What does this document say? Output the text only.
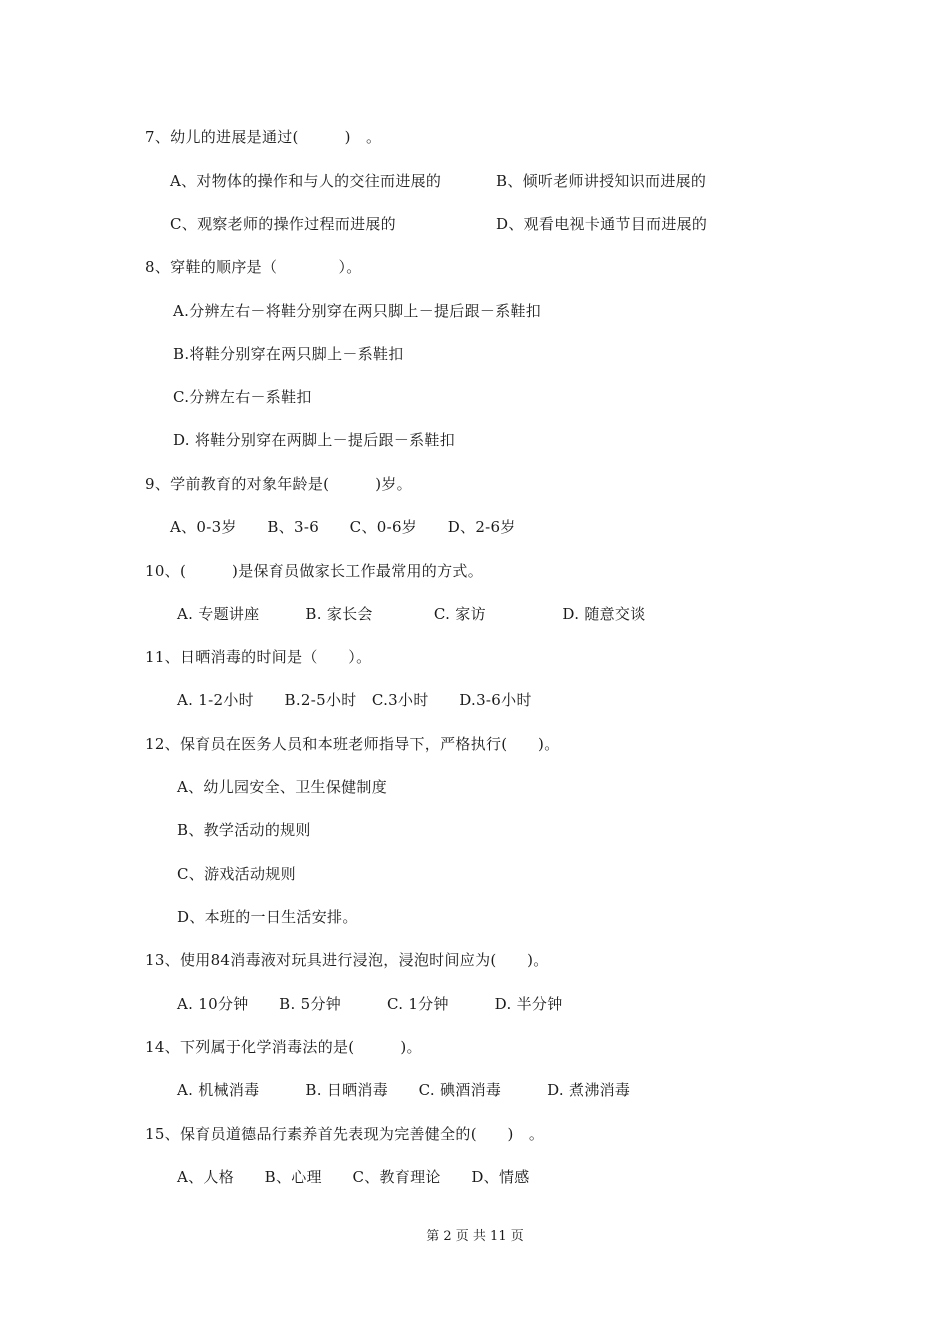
7、幼儿的进展是通过(　　　)　。
A、对物体的操作和与人的交往而进展的	B、倾听老师讲授知识而进展的
C、观察老师的操作过程而进展的	D、观看电视卡通节目而进展的
8、穿鞋的顺序是（　　　　）。
A.分辨左右－将鞋分别穿在两只脚上－提后跟－系鞋扣
B.将鞋分别穿在两只脚上－系鞋扣
C.分辨左右－系鞋扣
D. 将鞋分别穿在两脚上－提后跟－系鞋扣
9、学前教育的对象年龄是(　　　)岁。
A、0-3岁　　B、3-6　　C、0-6岁　　D、2-6岁
10、(　　　)是保育员做家长工作最常用的方式。
A. 专题讲座　　　B. 家长会　　　　C. 家访　　　　　D. 随意交谈
11、日晒消毒的时间是（　　）。
A. 1-2小时　　B.2-5小时　C.3小时　　D.3-6小时
12、保育员在医务人员和本班老师指导下，严格执行(　　)。
A、幼儿园安全、卫生保健制度
B、教学活动的规则
C、游戏活动规则
D、本班的一日生活安排。
13、使用84消毒液对玩具进行浸泡，浸泡时间应为(　　)。
A. 10分钟　　B. 5分钟　　　C. 1分钟　　　D. 半分钟
14、下列属于化学消毒法的是(　　　)。
A. 机械消毒　　　B. 日晒消毒　　C. 碘酒消毒　　　D. 煮沸消毒
15、保育员道德品行素养首先表现为完善健全的(　　)　。
A、人格　　B、心理　　C、教育理论　　D、情感
第 2 页 共 11 页
